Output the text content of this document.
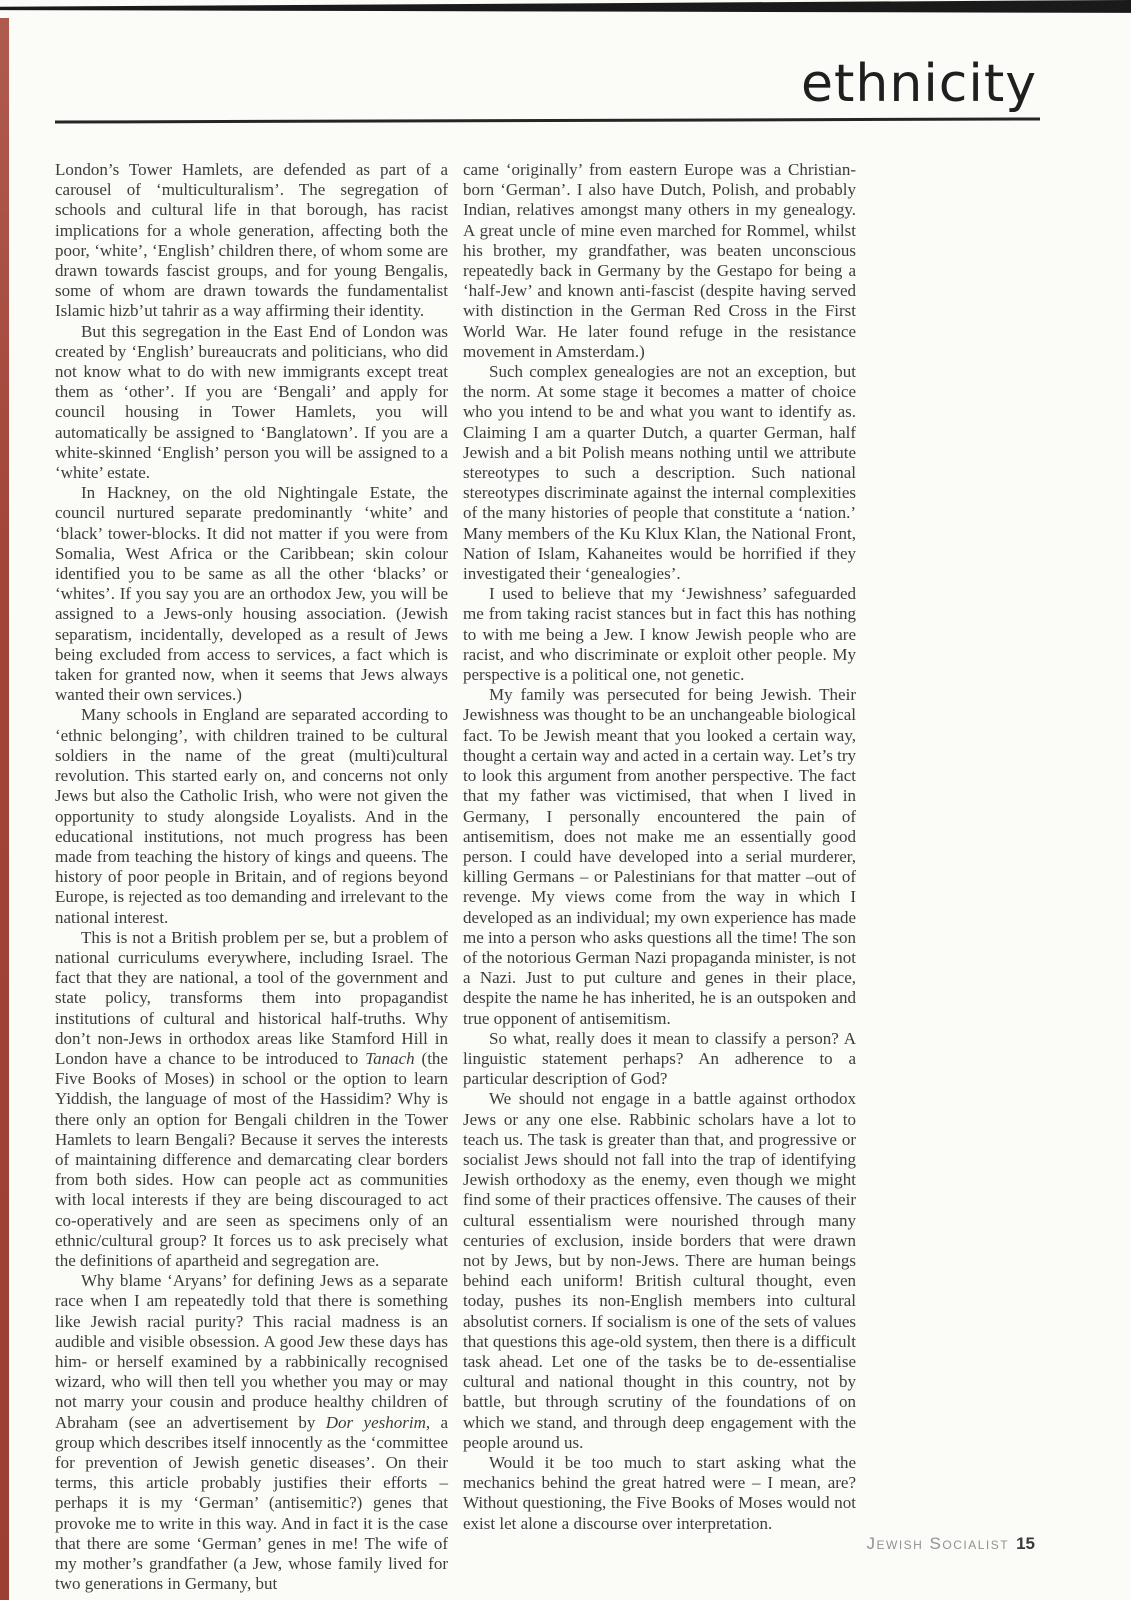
ethnicity

London’s Tower Hamlets, are defended as part of a carousel of ‘multiculturalism’. The segregation of schools and cultural life in that borough, has racist implications for a whole generation, affecting both the poor, ‘white’, ‘English’ children there, of whom some are drawn towards fascist groups, and for young Bengalis, some of whom are drawn towards the fundamentalist Islamic hizb’ut tahrir as a way affirming their identity.

But this segregation in the East End of London was created by ‘English’ bureaucrats and politicians, who did not know what to do with new immigrants except treat them as ‘other’. If you are ‘Bengali’ and apply for council housing in Tower Hamlets, you will automatically be assigned to ‘Banglatown’. If you are a white-skinned ‘English’ person you will be assigned to a ‘white’ estate.

In Hackney, on the old Nightingale Estate, the council nurtured separate predominantly ‘white’ and ‘black’ tower-blocks. It did not matter if you were from Somalia, West Africa or the Caribbean; skin colour identified you to be same as all the other ‘blacks’ or ‘whites’. If you say you are an orthodox Jew, you will be assigned to a Jews-only housing association. (Jewish separatism, incidentally, developed as a result of Jews being excluded from access to services, a fact which is taken for granted now, when it seems that Jews always wanted their own services.)

Many schools in England are separated according to ‘ethnic belonging’, with children trained to be cultural soldiers in the name of the great (multi)cultural revolution. This started early on, and concerns not only Jews but also the Catholic Irish, who were not given the opportunity to study alongside Loyalists. And in the educational institutions, not much progress has been made from teaching the history of kings and queens. The history of poor people in Britain, and of regions beyond Europe, is rejected as too demanding and irrelevant to the national interest.

This is not a British problem per se, but a problem of national curriculums everywhere, including Israel. The fact that they are national, a tool of the government and state policy, transforms them into propagandist institutions of cultural and historical half-truths. Why don’t non-Jews in orthodox areas like Stamford Hill in London have a chance to be introduced to Tanach (the Five Books of Moses) in school or the option to learn Yiddish, the language of most of the Hassidim? Why is there only an option for Bengali children in the Tower Hamlets to learn Bengali? Because it serves the interests of maintaining difference and demarcating clear borders from both sides. How can people act as communities with local interests if they are being discouraged to act co-operatively and are seen as specimens only of an ethnic/cultural group? It forces us to ask precisely what the definitions of apartheid and segregation are.

Why blame ‘Aryans’ for defining Jews as a separate race when I am repeatedly told that there is something like Jewish racial purity? This racial madness is an audible and visible obsession. A good Jew these days has him- or herself examined by a rabbinically recognised wizard, who will then tell you whether you may or may not marry your cousin and produce healthy children of Abraham (see an advertisement by Dor yeshorim, a group which describes itself innocently as the ‘committee for prevention of Jewish genetic diseases’. On their terms, this article probably justifies their efforts – perhaps it is my ‘German’ (antisemitic?) genes that provoke me to write in this way. And in fact it is the case that there are some ‘German’ genes in me! The wife of my mother’s grandfather (a Jew, whose family lived for two generations in Germany, but

came ‘originally’ from eastern Europe was a Christian-born ‘German’. I also have Dutch, Polish, and probably Indian, relatives amongst many others in my genealogy. A great uncle of mine even marched for Rommel, whilst his brother, my grandfather, was beaten unconscious repeatedly back in Germany by the Gestapo for being a ‘half-Jew’ and known anti-fascist (despite having served with distinction in the German Red Cross in the First World War. He later found refuge in the resistance movement in Amsterdam.)

Such complex genealogies are not an exception, but the norm. At some stage it becomes a matter of choice who you intend to be and what you want to identify as. Claiming I am a quarter Dutch, a quarter German, half Jewish and a bit Polish means nothing until we attribute stereotypes to such a description. Such national stereotypes discriminate against the internal complexities of the many histories of people that constitute a ‘nation.’ Many members of the Ku Klux Klan, the National Front, Nation of Islam, Kahaneites would be horrified if they investigated their ‘genealogies’.

I used to believe that my ‘Jewishness’ safeguarded me from taking racist stances but in fact this has nothing to with me being a Jew. I know Jewish people who are racist, and who discriminate or exploit other people. My perspective is a political one, not genetic.

My family was persecuted for being Jewish. Their Jewishness was thought to be an unchangeable biological fact. To be Jewish meant that you looked a certain way, thought a certain way and acted in a certain way. Let’s try to look this argument from another perspective. The fact that my father was victimised, that when I lived in Germany, I personally encountered the pain of antisemitism, does not make me an essentially good person. I could have developed into a serial murderer, killing Germans – or Palestinians for that matter –out of revenge. My views come from the way in which I developed as an individual; my own experience has made me into a person who asks questions all the time! The son of the notorious German Nazi propaganda minister, is not a Nazi. Just to put culture and genes in their place, despite the name he has inherited, he is an outspoken and true opponent of antisemitism.

So what, really does it mean to classify a person? A linguistic statement perhaps? An adherence to a particular description of God?

We should not engage in a battle against orthodox Jews or any one else. Rabbinic scholars have a lot to teach us. The task is greater than that, and progressive or socialist Jews should not fall into the trap of identifying Jewish orthodoxy as the enemy, even though we might find some of their practices offensive. The causes of their cultural essentialism were nourished through many centuries of exclusion, inside borders that were drawn not by Jews, but by non-Jews. There are human beings behind each uniform! British cultural thought, even today, pushes its non-English members into cultural absolutist corners. If socialism is one of the sets of values that questions this age-old system, then there is a difficult task ahead. Let one of the tasks be to de-essentialise cultural and national thought in this country, not by battle, but through scrutiny of the foundations of on which we stand, and through deep engagement with the people around us.

Would it be too much to start asking what the mechanics behind the great hatred were – I mean, are? Without questioning, the Five Books of Moses would not exist let alone a discourse over interpretation.

Jewish Socialist 15
